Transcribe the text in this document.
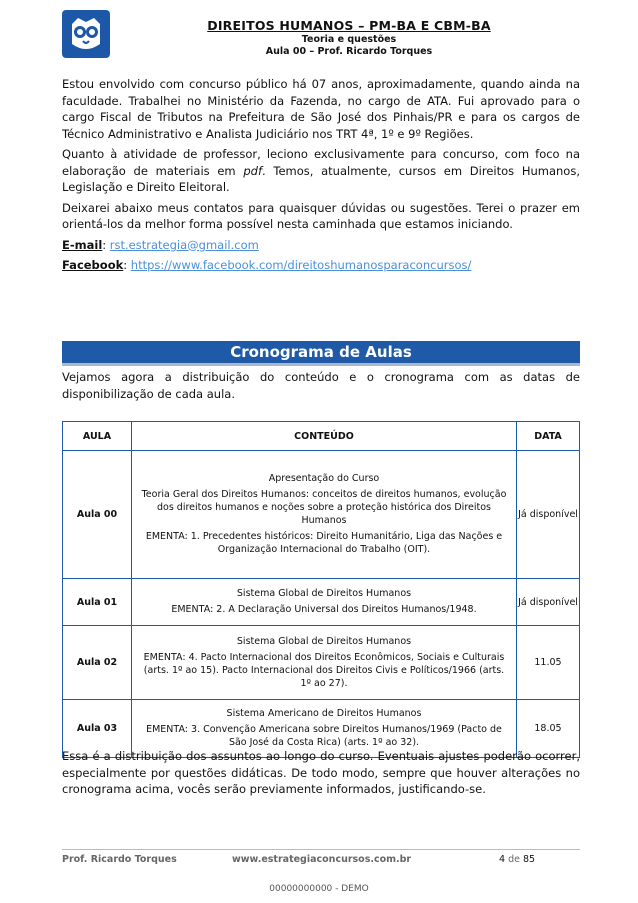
DIREITOS HUMANOS – PM-BA E CBM-BA
Teoria e questões
Aula 00 – Prof. Ricardo Torques

Estou envolvido com concurso público há 07 anos, aproximadamente, quando ainda na faculdade. Trabalhei no Ministério da Fazenda, no cargo de ATA. Fui aprovado para o cargo Fiscal de Tributos na Prefeitura de São José dos Pinhais/PR e para os cargos de Técnico Administrativo e Analista Judiciário nos TRT 4ª, 1º e 9º Regiões.

Quanto à atividade de professor, leciono exclusivamente para concurso, com foco na elaboração de materiais em pdf. Temos, atualmente, cursos em Direitos Humanos, Legislação e Direito Eleitoral.

Deixarei abaixo meus contatos para quaisquer dúvidas ou sugestões. Terei o prazer em orientá-los da melhor forma possível nesta caminhada que estamos iniciando.

E-mail: rst.estrategia@gmail.com
Facebook: https://www.facebook.com/direitoshumanosparaconcursos/
Cronograma de Aulas

Vejamos agora a distribuição do conteúdo e o cronograma com as datas de disponibilização de cada aula.

AULA	CONTEÚDO	DATA
Aula 00	Apresentação do Curso
Teoria Geral dos Direitos Humanos: conceitos de direitos humanos, evolução dos direitos humanos e noções sobre a proteção histórica dos Direitos Humanos
EMENTA: 1. Precedentes históricos: Direito Humanitário, Liga das Nações e Organização Internacional do Trabalho (OIT).	Já disponível
Aula 01	Sistema Global de Direitos Humanos
EMENTA: 2. A Declaração Universal dos Direitos Humanos/1948.	Já disponível
Aula 02	Sistema Global de Direitos Humanos
EMENTA: 4. Pacto Internacional dos Direitos Econômicos, Sociais e Culturais (arts. 1º ao 15). Pacto Internacional dos Direitos Civis e Políticos/1966 (arts. 1º ao 27).	11.05
Aula 03	Sistema Americano de Direitos Humanos
EMENTA: 3. Convenção Americana sobre Direitos Humanos/1969 (Pacto de São José da Costa Rica) (arts. 1º ao 32).	18.05

Essa é a distribuição dos assuntos ao longo do curso. Eventuais ajustes poderão ocorrer, especialmente por questões didáticas. De todo modo, sempre que houver alterações no cronograma acima, vocês serão previamente informados, justificando-se.

Prof. Ricardo Torques	www.estrategiaconcursos.com.br	4 de 85
00000000000 - DEMO
